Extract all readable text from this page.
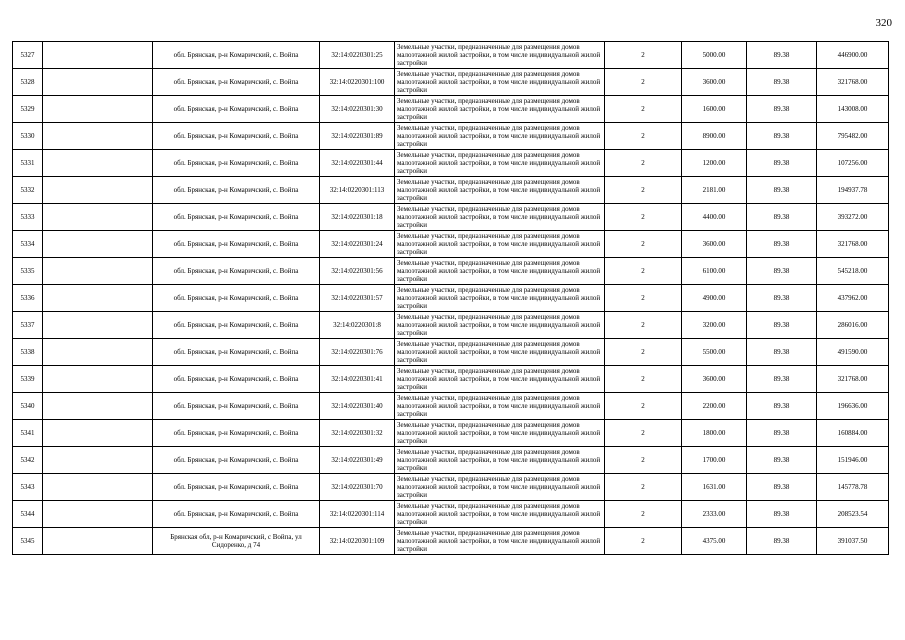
320
5327		обл. Брянская, р-н Комаричский, с. Войпа	32:14:0220301:25	Земельные участки, предназначенные для размещения домов малоэтажной жилой застройки, в том числе индивидуальной жилой застройки	2	5000.00	89.38	446900.00
5328		обл. Брянская, р-н Комаричский, с. Войпа	32:14:0220301:100	Земельные участки, предназначенные для размещения домов малоэтажной жилой застройки, в том числе индивидуальной жилой застройки	2	3600.00	89.38	321768.00
5329		обл. Брянская, р-н Комаричский, с. Войпа	32:14:0220301:30	Земельные участки, предназначенные для размещения домов малоэтажной жилой застройки, в том числе индивидуальной жилой застройки	2	1600.00	89.38	143008.00
5330		обл. Брянская, р-н Комаричский, с. Войпа	32:14:0220301:89	Земельные участки, предназначенные для размещения домов малоэтажной жилой застройки, в том числе индивидуальной жилой застройки	2	8900.00	89.38	795482.00
5331		обл. Брянская, р-н Комаричский, с. Войпа	32:14:0220301:44	Земельные участки, предназначенные для размещения домов малоэтажной жилой застройки, в том числе индивидуальной жилой застройки	2	1200.00	89.38	107256.00
5332		обл. Брянская, р-н Комаричский, с. Войпа	32:14:0220301:113	Земельные участки, предназначенные для размещения домов малоэтажной жилой застройки, в том числе индивидуальной жилой застройки	2	2181.00	89.38	194937.78
5333		обл. Брянская, р-н Комаричский, с. Войпа	32:14:0220301:18	Земельные участки, предназначенные для размещения домов малоэтажной жилой застройки, в том числе индивидуальной жилой застройки	2	4400.00	89.38	393272.00
5334		обл. Брянская, р-н Комаричский, с. Войпа	32:14:0220301:24	Земельные участки, предназначенные для размещения домов малоэтажной жилой застройки, в том числе индивидуальной жилой застройки	2	3600.00	89.38	321768.00
5335		обл. Брянская, р-н Комаричский, с. Войпа	32:14:0220301:56	Земельные участки, предназначенные для размещения домов малоэтажной жилой застройки, в том числе индивидуальной жилой застройки	2	6100.00	89.38	545218.00
5336		обл. Брянская, р-н Комаричский, с. Войпа	32:14:0220301:57	Земельные участки, предназначенные для размещения домов малоэтажной жилой застройки, в том числе индивидуальной жилой застройки	2	4900.00	89.38	437962.00
5337		обл. Брянская, р-н Комаричский, с. Войпа	32:14:0220301:8	Земельные участки, предназначенные для размещения домов малоэтажной жилой застройки, в том числе индивидуальной жилой застройки	2	3200.00	89.38	286016.00
5338		обл. Брянская, р-н Комаричский, с. Войпа	32:14:0220301:76	Земельные участки, предназначенные для размещения домов малоэтажной жилой застройки, в том числе индивидуальной жилой застройки	2	5500.00	89.38	491590.00
5339		обл. Брянская, р-н Комаричский, с. Войпа	32:14:0220301:41	Земельные участки, предназначенные для размещения домов малоэтажной жилой застройки, в том числе индивидуальной жилой застройки	2	3600.00	89.38	321768.00
5340		обл. Брянская, р-н Комаричский, с. Войпа	32:14:0220301:40	Земельные участки, предназначенные для размещения домов малоэтажной жилой застройки, в том числе индивидуальной жилой застройки	2	2200.00	89.38	196636.00
5341		обл. Брянская, р-н Комаричский, с. Войпа	32:14:0220301:32	Земельные участки, предназначенные для размещения домов малоэтажной жилой застройки, в том числе индивидуальной жилой застройки	2	1800.00	89.38	160884.00
5342		обл. Брянская, р-н Комаричский, с. Войпа	32:14:0220301:49	Земельные участки, предназначенные для размещения домов малоэтажной жилой застройки, в том числе индивидуальной жилой застройки	2	1700.00	89.38	151946.00
5343		обл. Брянская, р-н Комаричский, с. Войпа	32:14:0220301:70	Земельные участки, предназначенные для размещения домов малоэтажной жилой застройки, в том числе индивидуальной жилой застройки	2	1631.00	89.38	145778.78
5344		обл. Брянская, р-н Комаричский, с. Войпа	32:14:0220301:114	Земельные участки, предназначенные для размещения домов малоэтажной жилой застройки, в том числе индивидуальной жилой застройки	2	2333.00	89.38	208523.54
5345		Брянская обл, р-н Комаричский, с Войпа, ул Сидоренко, д 74	32:14:0220301:109	Земельные участки, предназначенные для размещения домов малоэтажной жилой застройки, в том числе индивидуальной жилой застройки	2	4375.00	89.38	391037.50
